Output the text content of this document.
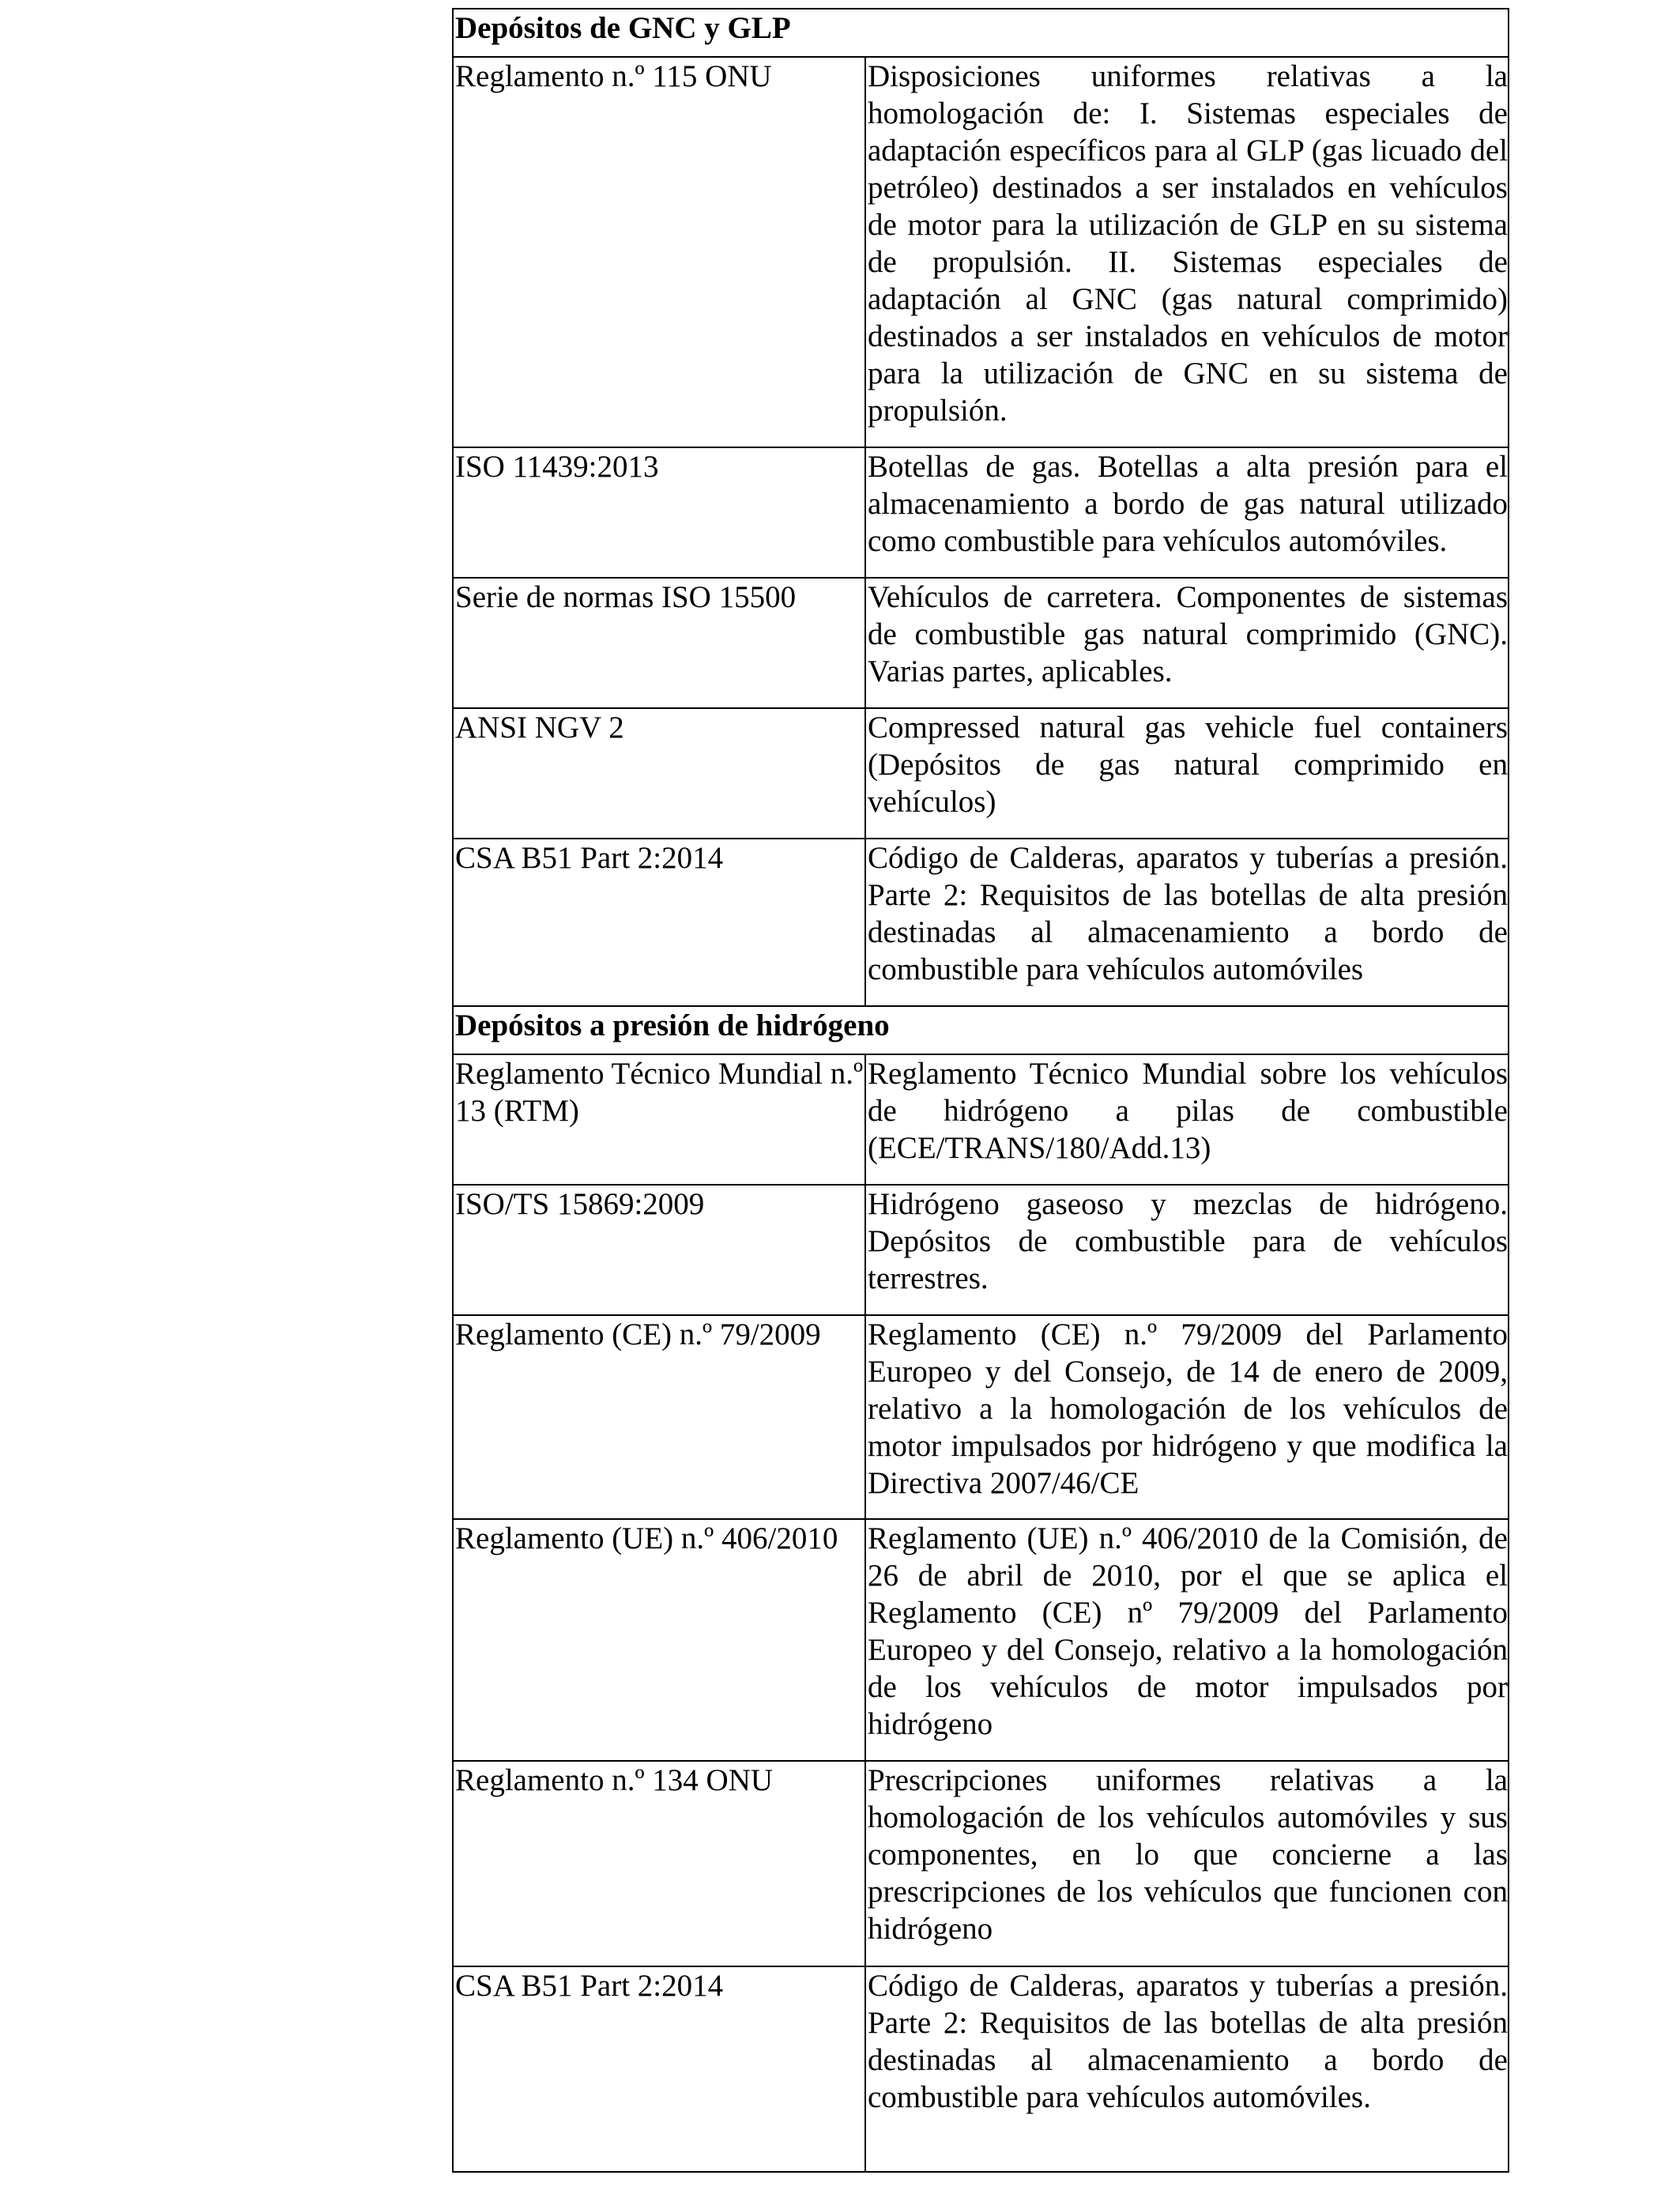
Depósitos de GNC y GLP	
Reglamento n.º 115 ONU	Disposiciones uniformes relativas a la homologación de: I. Sistemas especiales de adaptación específicos para al GLP (gas licuado del petróleo) destinados a ser instalados en vehículos de motor para la utilización de GLP en su sistema de propulsión. II. Sistemas especiales de adaptación al GNC (gas natural comprimido) destinados a ser instalados en vehículos de motor para la utilización de GNC en su sistema de propulsión.
ISO 11439:2013	Botellas de gas. Botellas a alta presión para el almacenamiento a bordo de gas natural utilizado como combustible para vehículos automóviles.
Serie de normas ISO 15500	Vehículos de carretera. Componentes de sistemas de combustible gas natural comprimido (GNC). Varias partes, aplicables.
ANSI NGV 2	Compressed natural gas vehicle fuel containers (Depósitos de gas natural comprimido en vehículos)
CSA B51 Part 2:2014	Código de Calderas, aparatos y tuberías a presión. Parte 2: Requisitos de las botellas de alta presión destinadas al almacenamiento a bordo de combustible para vehículos automóviles
Depósitos a presión de hidrógeno	
Reglamento Técnico Mundial n.º 13 (RTM)	Reglamento Técnico Mundial sobre los vehículos de hidrógeno a pilas de combustible (ECE/TRANS/180/Add.13)
ISO/TS 15869:2009	Hidrógeno gaseoso y mezclas de hidrógeno. Depósitos de combustible para de vehículos terrestres.
Reglamento (CE) n.º 79/2009	Reglamento (CE) n.º 79/2009 del Parlamento Europeo y del Consejo, de 14 de enero de 2009, relativo a la homologación de los vehículos de motor impulsados por hidrógeno y que modifica la Directiva 2007/46/CE
Reglamento (UE) n.º 406/2010	Reglamento (UE) n.º 406/2010 de la Comisión, de 26 de abril de 2010, por el que se aplica el Reglamento (CE) nº 79/2009 del Parlamento Europeo y del Consejo, relativo a la homologación de los vehículos de motor impulsados por hidrógeno
Reglamento n.º 134 ONU	Prescripciones uniformes relativas a la homologación de los vehículos automóviles y sus componentes, en lo que concierne a las prescripciones de los vehículos que funcionen con hidrógeno
CSA B51 Part 2:2014	Código de Calderas, aparatos y tuberías a presión. Parte 2: Requisitos de las botellas de alta presión destinadas al almacenamiento a bordo de combustible para vehículos automóviles.
